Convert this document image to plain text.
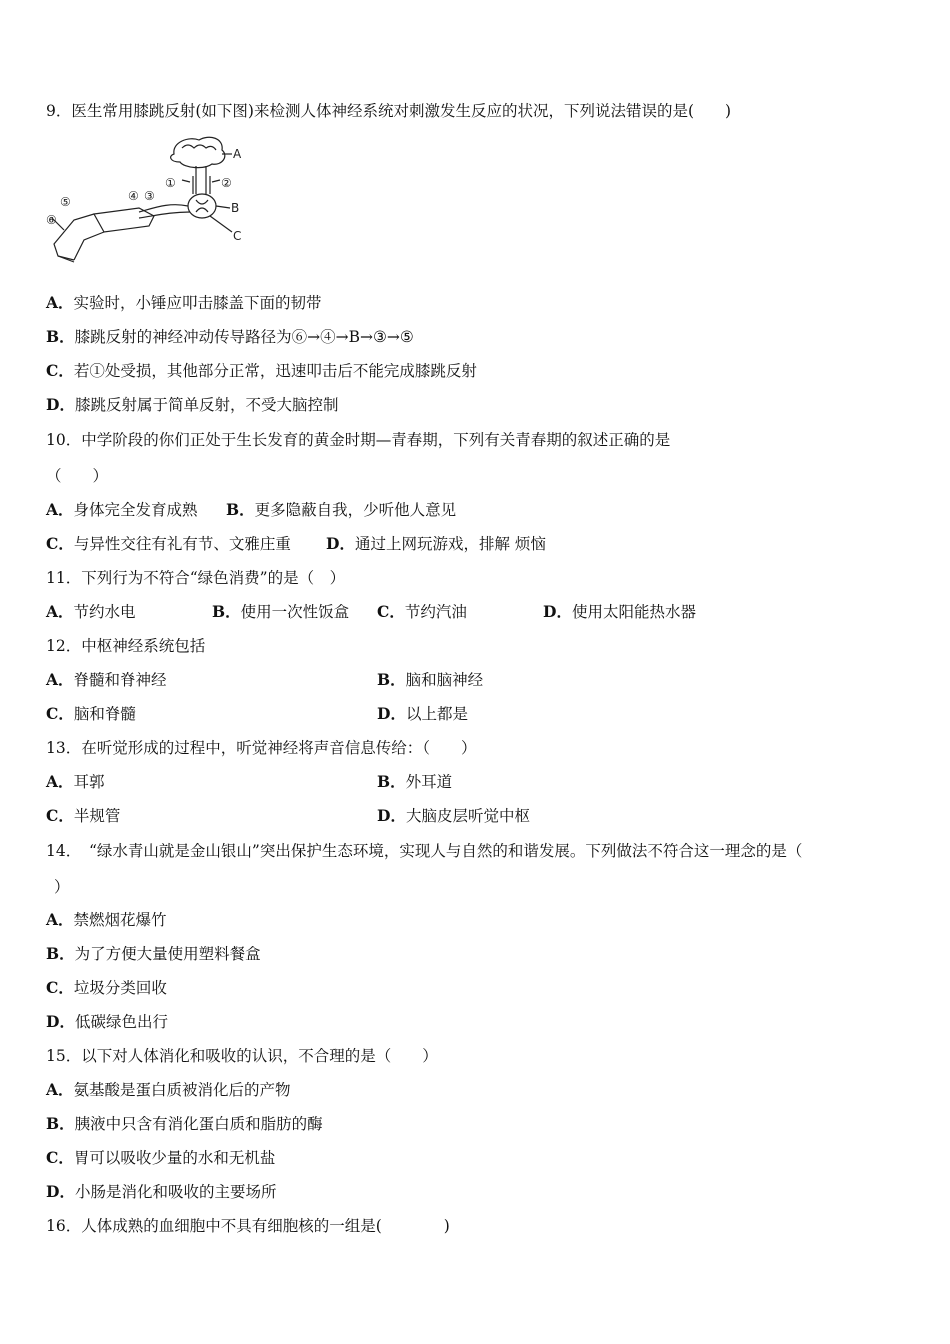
9．医生常用膝跳反射(如下图)来检测人体神经系统对刺激发生反应的状况，下列说法错误的是(　　)
A
B
C
①	②
③
④
⑤
⑥
A．实验时，小锤应叩击膝盖下面的韧带
B．膝跳反射的神经冲动传导路径为⑥→④→B→③→⑤
C．若①处受损，其他部分正常，迅速叩击后不能完成膝跳反射
D．膝跳反射属于简单反射，不受大脑控制
10．中学阶段的你们正处于生长发育的黄金时期—青春期，下列有关青春期的叙述正确的是
（　　）
A．身体完全发育成熟 B．更多隐蔽自我，少听他人意见
C．与异性交往有礼有节、文雅庄重 D．通过上网玩游戏，排解 烦恼
11．下列行为不符合“绿色消费”的是（　）
A．节约水电	B．使用一次性饭盒 C．节约汽油	D．使用太阳能热水器
12．中枢神经系统包括
A．脊髓和脊神经	B．脑和脑神经
C．脑和脊髓	D．以上都是
13．在听觉形成的过程中，听觉神经将声音信息传给：（　　）
A．耳郭	B．外耳道
C．半规管	D．大脑皮层听觉中枢
14．　“绿水青山就是金山银山”突出保护生态环境，实现人与自然的和谐发展。下列做法不符合这一理念的是（
）
A．禁燃烟花爆竹
B．为了方便大量使用塑料餐盒
C．垃圾分类回收
D．低碳绿色出行
15．以下对人体消化和吸收的认识，不合理的是（　　）
A．氨基酸是蛋白质被消化后的产物
B．胰液中只含有消化蛋白质和脂肪的酶
C．胃可以吸收少量的水和无机盐
D．小肠是消化和吸收的主要场所
16．人体成熟的血细胞中不具有细胞核的一组是(　　　　)
